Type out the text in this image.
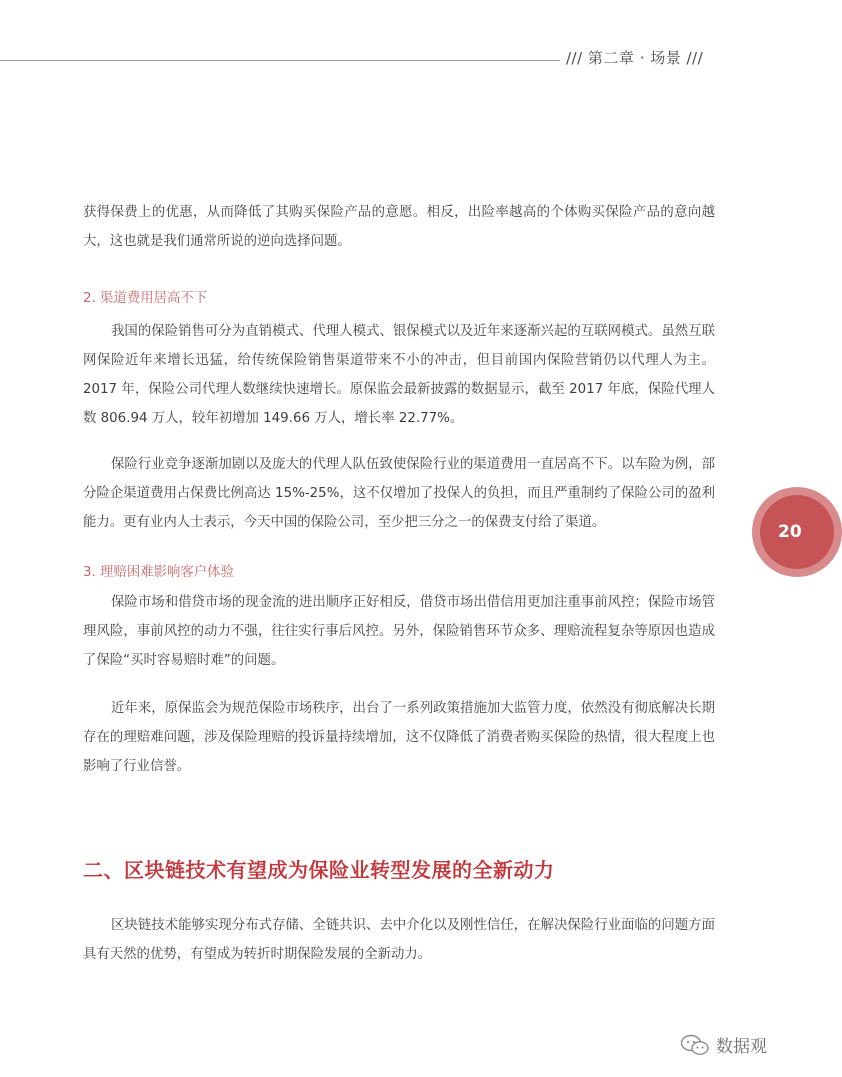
/// 第二章 · 场景 ///
20

获得保费上的优惠，从而降低了其购买保险产品的意愿。相反，出险率越高的个体购买保险产品的意向越大，这也就是我们通常所说的逆向选择问题。

2. 渠道费用居高不下

我国的保险销售可分为直销模式、代理人模式、银保模式以及近年来逐渐兴起的互联网模式。虽然互联网保险近年来增长迅猛，给传统保险销售渠道带来不小的冲击，但目前国内保险营销仍以代理人为主。2017 年，保险公司代理人数继续快速增长。原保监会最新披露的数据显示，截至 2017 年底，保险代理人数 806.94 万人，较年初增加 149.66 万人，增长率 22.77%。

保险行业竞争逐渐加剧以及庞大的代理人队伍致使保险行业的渠道费用一直居高不下。以车险为例，部分险企渠道费用占保费比例高达 15%-25%，这不仅增加了投保人的负担，而且严重制约了保险公司的盈利能力。更有业内人士表示，今天中国的保险公司，至少把三分之一的保费支付给了渠道。

3. 理赔困难影响客户体验

保险市场和借贷市场的现金流的进出顺序正好相反，借贷市场出借信用更加注重事前风控；保险市场管理风险，事前风控的动力不强，往往实行事后风控。另外，保险销售环节众多、理赔流程复杂等原因也造成了保险“买时容易赔时难”的问题。

近年来，原保监会为规范保险市场秩序，出台了一系列政策措施加大监管力度，依然没有彻底解决长期存在的理赔难问题，涉及保险理赔的投诉量持续增加，这不仅降低了消费者购买保险的热情，很大程度上也影响了行业信誉。

二、区块链技术有望成为保险业转型发展的全新动力

区块链技术能够实现分布式存储、全链共识、去中介化以及刚性信任，在解决保险行业面临的问题方面具有天然的优势，有望成为转折时期保险发展的全新动力。

数据观
